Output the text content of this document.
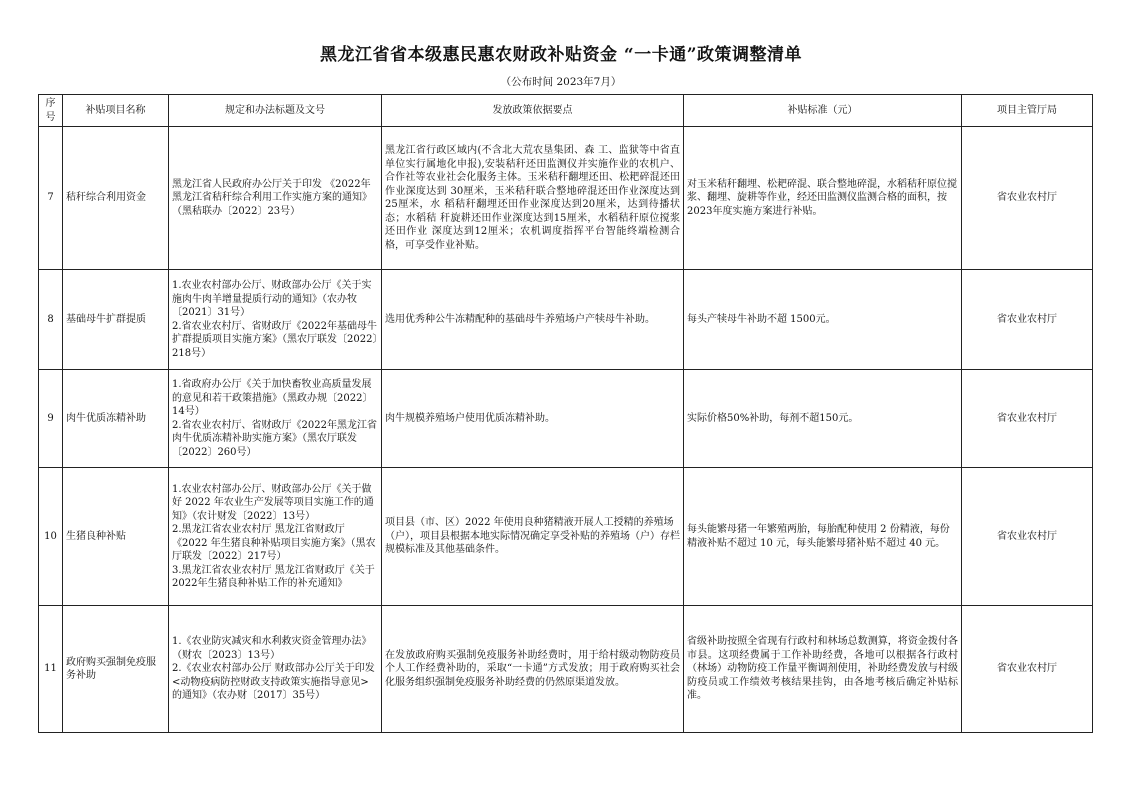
黑龙江省省本级惠民惠农财政补贴资金 “一卡通”政策调整清单
（公布时间 2023年7月）
序号	补贴项目名称	规定和办法标题及文号	发放政策依据要点	补贴标准（元）	项目主管厅局
7	秸秆综合利用资金	黑龙江省人民政府办公厅关于印发 《2022年黑龙江省秸秆综合利用工作实施方案的通知》（黑秸联办〔2022〕23号）	黑龙江省行政区域内(不含北大荒农垦集团、森 工、监狱等中省直单位实行属地化申报),安装秸秆还田监测仪并实施作业的农机户、合作社等农业社会化服务主体。玉米秸秆翻埋还田、松耙碎混还田作业深度达到 30厘米，玉米秸秆联合整地碎混还田作业深度达到 25厘米，水 稻秸秆翻埋还田作业深度达到20厘米，达到待播状态；水稻秸 秆旋耕还田作业深度达到15厘米，水稻秸秆原位搅浆还田作业 深度达到12厘米；农机调度指挥平台智能终端检测合格，可享受作业补贴。	对玉米秸秆翻埋、松耙碎混、联合整地碎混，水稻秸秆原位搅浆、翻埋、旋耕等作业，经还田监测仪监测合格的面积，按2023年度实施方案进行补贴。	省农业农村厅
8	基础母牛扩群提质	1.农业农村部办公厅、财政部办公厅《关于实施肉牛肉羊增量提质行动的通知》（农办牧〔2021〕31号）
2.省农业农村厅、省财政厅《2022年基础母牛扩群提质项目实施方案》（黑农厅联发〔2022〕218号）	选用优秀种公牛冻精配种的基础母牛养殖场户产犊母牛补助。	每头产犊母牛补助不超 1500元。	省农业农村厅
9	肉牛优质冻精补助	1.省政府办公厅《关于加快畜牧业高质量发展的意见和若干政策措施》（黑政办规〔2022〕14号）
2.省农业农村厅、省财政厅《2022年黑龙江省肉牛优质冻精补助实施方案》（黑农厅联发〔2022〕260号）	肉牛规模养殖场户使用优质冻精补助。	实际价格50%补助，每剂不超150元。	省农业农村厅
10	生猪良种补贴	1.农业农村部办公厅、财政部办公厅《关于做好 2022 年农业生产发展等项目实施工作的通知》（农计财发〔2022〕13号）
2.黑龙江省农业农村厅 黑龙江省财政厅《2022 年生猪良种补贴项目实施方案》（黑农厅联发〔2022〕217号）
3.黑龙江省农业农村厅 黑龙江省财政厅《关于2022年生猪良种补贴工作的补充通知》	项目县（市、区）2022 年使用良种猪精液开展人工授精的养殖场（户），项目县根据本地实际情况确定享受补贴的养殖场（户）存栏规模标准及其他基础条件。	每头能繁母猪一年繁殖两胎，每胎配种使用 2 份精液，每份精液补贴不超过 10 元，每头能繁母猪补贴不超过 40 元。	省农业农村厅
11	政府购买强制免疫服务补助	1.《农业防灾减灾和水利救灾资金管理办法》（财农〔2023〕13号）
2.《农业农村部办公厅 财政部办公厅关于印发<动物疫病防控财政支持政策实施指导意见>的通知》（农办财〔2017〕35号）	在发放政府购买强制免疫服务补助经费时，用于给村级动物防疫员个人工作经费补助的，采取“一卡通”方式发放；用于政府购买社会化服务组织强制免疫服务补助经费的仍然原渠道发放。	省级补助按照全省现有行政村和林场总数测算，将资金拨付各市县。这项经费属于工作补助经费，各地可以根据各行政村（林场）动物防疫工作量平衡调剂使用，补助经费发放与村级防疫员或工作绩效考核结果挂钩，由各地考核后确定补贴标准。	省农业农村厅
